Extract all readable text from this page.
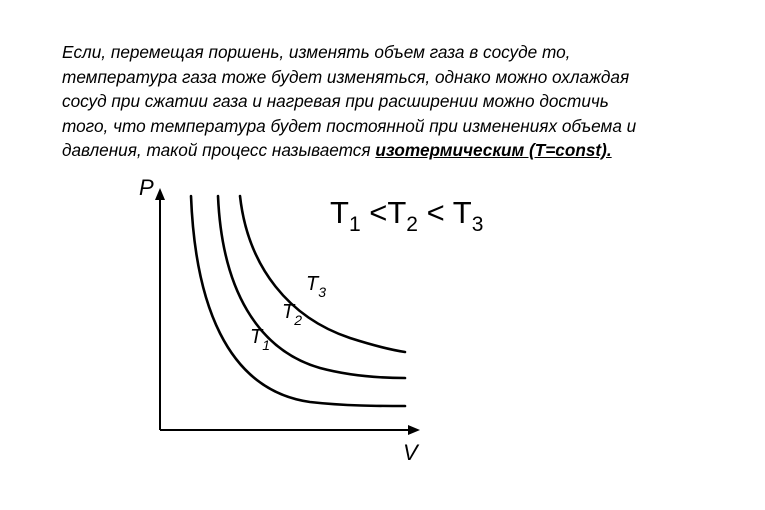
Если, перемещая поршень, изменять объем газа в сосуде то,
температура газа тоже будет изменяться, однако можно охлаждая
сосуд при сжатии газа и нагревая при расширении можно достичь
того, что температура будет постоянной при изменениях объема и
давления, такой процесс называется изотермическим (T=const).
P
V
$T_1$
$T_2$
$T_3$
$T_1 <T_2 < T_3$
